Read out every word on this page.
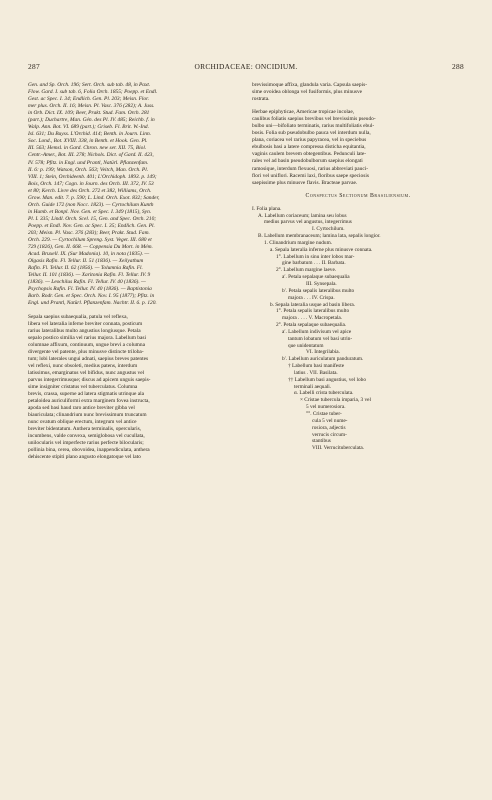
287	ORCHIDACEAE: ONCIDIUM.	288
Gen. and Sp. Orch. 196; Sert. Orch. sub tab. 48, in Paxt.
Flow. Gard. I. sub tab. 6, Folia Orch. 1855; Poepp. et Endl.
Gest. ac Spec. I. 34; Endlich. Gen. Pl. 203; Meisn. Flor.
mer plus. Orch. II. 16; Meisn. Pl. Vasc. 376 (282); A. Juss.
in Orb. Dict. IX. 109; Beer, Prakt. Stud. Fam. Orch. 281
(part.); Duchartre, Man. Gén. des Pl. IV. 485; Reichb. f. in
Walp. Ann. Bot. VI. 689 (part.); Griseb. Fl. Brit. W.-Ind.
Isl. 631; Du Buyss. L'Orchid. 414; Benth. in Journ. Linn.
Soc. Lond., Bot. XVIII. 338, in Benth. et Hook. Gen. Pl.
III. 563; Hemsl. in Gard. Chron. new ser. XII. 75, Biol.
Centr.-Amer., Bot. III. 278; Nichols. Dict. of Gard. II. 423,
IV. 578; Pfitz. in Engl. und Prantl, Natürl. Pflanzenfam.
II. 6: p. 199; Watson, Orch. 563; Veitch, Man. Orch. Pl.
VIII. 1; Stein, Orchideenb. 401; L'Orchidoph. 1893. p. 149;
Bois, Orch. 147; Cogn. in Journ. des Orch. III. 372, IV. 53
et 80; Kerch. Livre des Orch. 272 et 382, Williams, Orch.
Grow. Man. edit. 7. p. 590; L. Lind. Orch. Exot. 832; Sander,
Orch. Guide 172 (non Nocc. 1823). — Cyrtochilum Kunth
in Humb. et Bonpl. Nov. Gen. et Spec. I. 349 (1815), Syn.
Pl. I. 335; Lindl. Orch. Scel. 15, Gen. and Spec. Orch. 210;
Poepp. et Endl. Nov. Gen. ac Spec. I. 35; Endlich. Gen. Pl.
203; Meisn. Pl. Vasc. 376 (283); Beer, Prakt. Stud. Fam.
Orch. 229. — Cyrtochilum Spreng. Syst. Veget. III. 680 et
729 (1826), Gen. II. 668. — Coppensia Du Mort. in Mém.
Acad. Bruxell. IX. (Sur Madonia). 10, in nota (1835). —
Olgasis Rafin. Fl. Tellur. II. 51 (1836). — Xeilyathum
Rafin. Fl. Tellur. II. 62 (1856). — Tolumnia Rafin. Fl.
Tellur. II. 101 (1836). — Xaritonia Rafin. Fl. Tellur. IV. 9
(1836). — Leochilus Rafin. Fl. Tellur. IV. 40 (1836). —
Psychopsis Rafin. Fl. Tellur. IV. 40 (1836). — Baptistonia
Barb. Rodr. Gen. et Spec. Orch. Nov. I. 95 (1877); Pfitz. in
Engl. und Prantl, Natürl. Pflanzenfam. Nachtr. II. 6. p. 120.
Sepala saepius subaequalia, patula vel reflexa,
libera vel lateralia inferne breviter connata, posticum
rarius lateralibus multo angustius longiusque. Petala
sepalo postico similia vel rarius majora. Labellum basi
columnae affixum, continuum, unguе brevi a columna
divergente vel patente, plus minusve distincte triloba-
tum; lobi laterales ungui adnati, saepius breves patentes
vel reflexi, nunc obsoleti, medius patens, interdum
latissimus, emarginatus vel bifidus, nunc angustus vel
parvus integerrimusque; discus ad apicem unguis saepis-
sime insigniter cristatus vel tuberculatus. Columna
brevis, crassa, superne ad latera stigmatis utrinque ala
petaloidea auriculiformi extra marginem fovea instructa,
apoda sed basi haud raro antice breviter gibba vel
biauriculata; clinandrium nunc brevissimum truncatum
nunc ovatum oblique erectum, integrum vel antice
breviter bidentatum. Anthera terminalis, opercularis,
incumbens, valde convexa, semiglobosa vel cucullata,
unilocularis vel imperfecte rarius perfecte bilocularis;
pollinia bina, cerea, obovoidea, inappendiculata, anthera
dehiscente stipiti plano angusto elongatoque vel lato
brevissimoque affixa, glandula varia. Capsula saepis-
sime ovoidea oblonga vel fusiformis, plus minusve
rostrata.
Herbae epiphyticae, Americae tropicae incolae,
caulibus foliatis saepius brevibus vel brevissimis pseudo-
bulbo uni—bifoliato terminatis, rarius multifoliatis ebul-
bosis. Folia sub pseudobulbo pauca vel interdum nulla,
plana, coriacea vel rarius papyracea, vel in speciebus
ebulbosis basi a latere compressa disticha equitantia,
vaginis caulem brevem obtegentibus. Pedunculi late-
rales vel ad basin pseudobulborum saepius elongati
ramosique, interdum flexuosi, rarius abbreviati pauci-
flori vel uniflori. Racemi laxi, floribus saepe speciosis
saepissime plus minusve flavis. Bracteae parvae.

Conspectus Sectionum Brasiliensium.

I. Folia plana.
A. Labellum coriaceum; lamina seu lobus
medius parvus vel angustus, integerrimus
I. Cyrtochilum.
B. Labellum membranaceum; lamina lata, sepalis longior.
1. Clinandrium margine nudum.
a. Sepala lateralia inferne plus minusve connata.
1°. Labellum in sinu inter lobos mar-
gine barbatum . . . II. Barbata.
2°. Labellum margine laeve.
a′. Petala sepalaque subaequalia
III. Synsepala.
b′. Petala sepalis lateralibus multo
majora . . . IV. Crispa.
b. Sepala lateralia usque ad basin libera.
1°. Petala sepalis lateralibus multo
majora . . . . V. Macropetala.
2°. Petala sepalaque subaequalia.
a′. Labellum indivisum vel apice
tantum lobatum vel basi utrin-
que unidentatum
VI. Integrilabia.
b′. Labellum auriculatum panduratum.
† Labellum basi manifeste
latius . VII. Basilata.
†† Labellum basi angustius, vel lobo
terminali aequali.
α. Labelli crista tuberculata.
× Cristae tubercula imparia, 3 vel
5 vel numerosiora.
°°. Cristae tuber-
cula 5 vel nume-
rosiora, adjectis
verrucis circum-
stantibus
VIII. Verrucituberculata.
